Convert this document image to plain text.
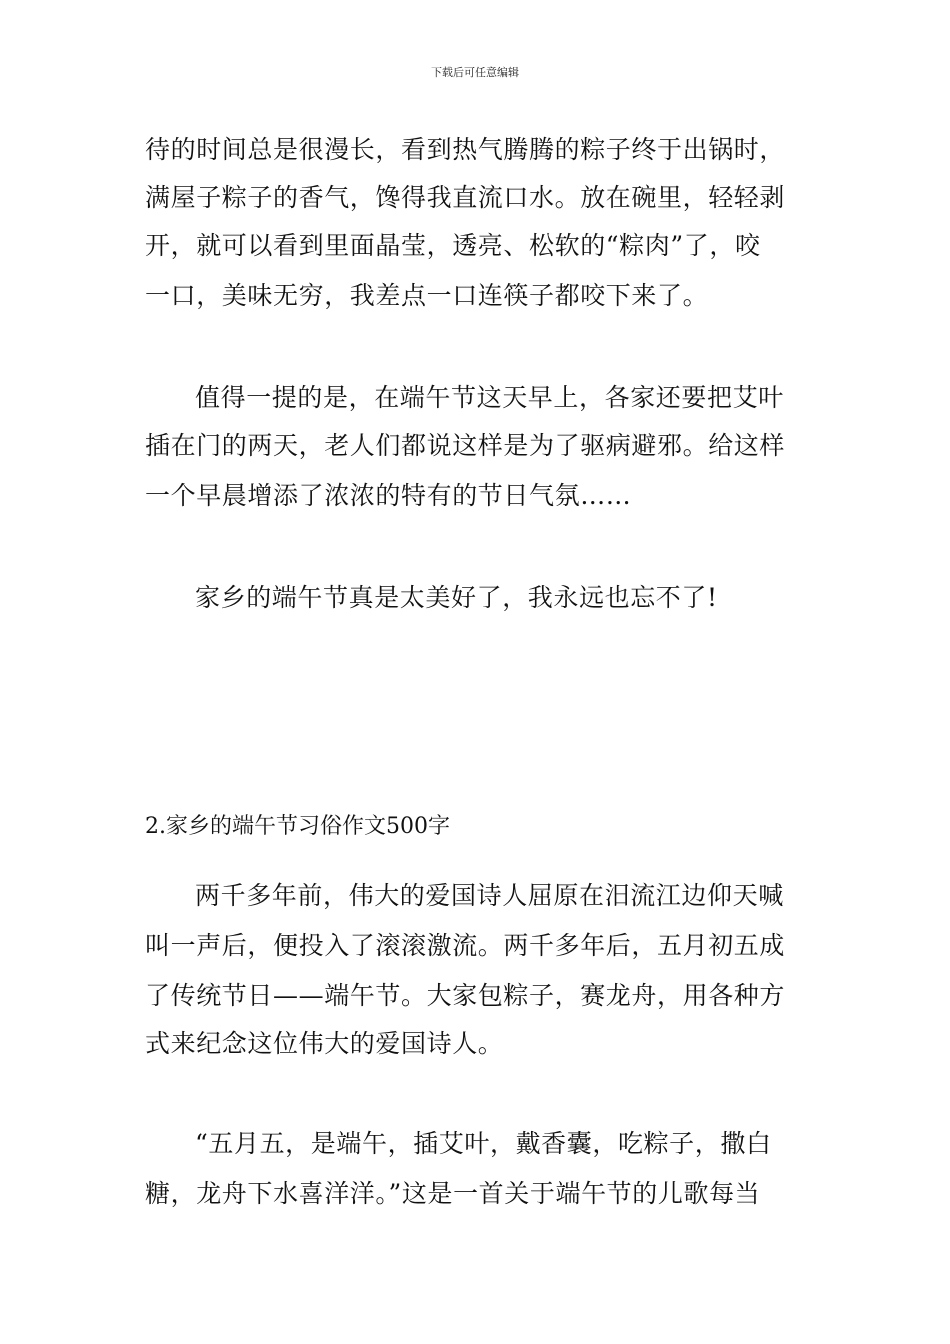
下载后可任意编辑
待的时间总是很漫长，看到热气腾腾的粽子终于出锅时，
满屋子粽子的香气，馋得我直流口水。放在碗里，轻轻剥
开，就可以看到里面晶莹，透亮、松软的“粽肉”了，咬
一口，美味无穷，我差点一口连筷子都咬下来了。
值得一提的是，在端午节这天早上，各家还要把艾叶
插在门的两天，老人们都说这样是为了驱病避邪。给这样
一个早晨增添了浓浓的特有的节日气氛……
家乡的端午节真是太美好了，我永远也忘不了!
2.家乡的端午节习俗作文500字
两千多年前，伟大的爱国诗人屈原在汨流江边仰天喊
叫一声后，便投入了滚滚激流。两千多年后，五月初五成
了传统节日——端午节。大家包粽子，赛龙舟，用各种方
式来纪念这位伟大的爱国诗人。
“五月五，是端午，插艾叶，戴香囊，吃粽子，撒白
糖，龙舟下水喜洋洋。”这是一首关于端午节的儿歌每当
